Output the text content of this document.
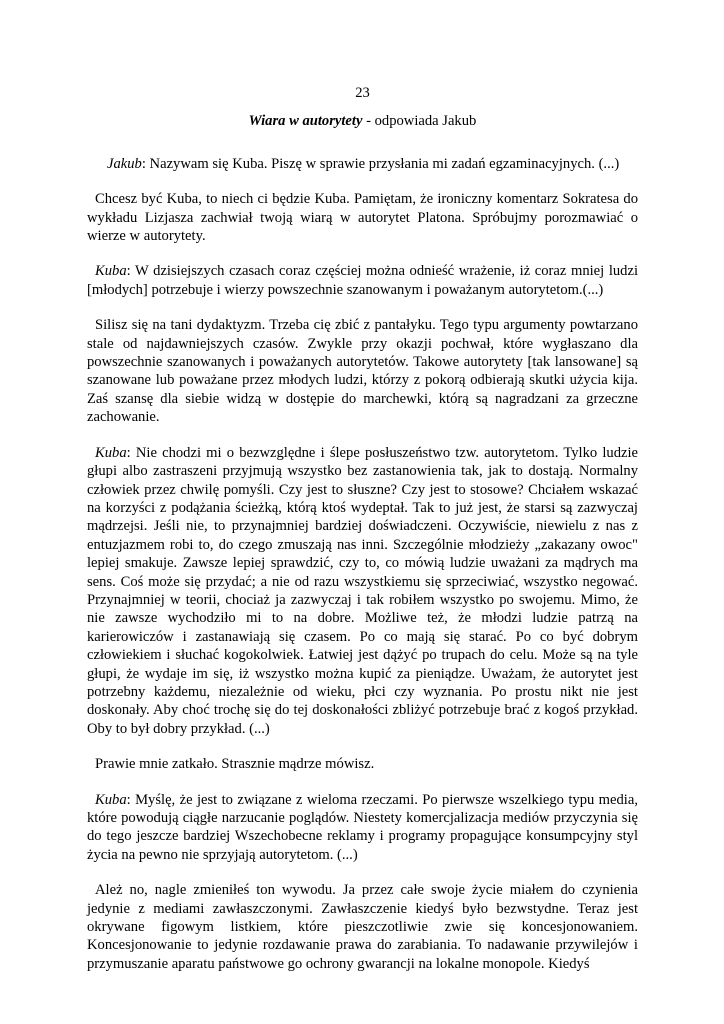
23
Wiara w autorytety - odpowiada Jakub

Jakub: Nazywam się Kuba. Piszę w sprawie przysłania mi zadań egzaminacyjnych. (...)

Chcesz być Kuba, to niech ci będzie Kuba. Pamiętam, że ironiczny komentarz Sokratesa do wykładu Lizjasza zachwiał twoją wiarą w autorytet Platona. Spróbujmy porozmawiać o wierze w autorytety.

Kuba: W dzisiejszych czasach coraz częściej można odnieść wrażenie, iż coraz mniej ludzi [młodych] potrzebuje i wierzy powszechnie szanowanym i poważanym autorytetom.(...)

Silisz się na tani dydaktyzm. Trzeba cię zbić z pantałyku. Tego typu argumenty powtarzano stale od najdawniejszych czasów. Zwykle przy okazji pochwał, które wygłaszano dla powszechnie szanowanych i poważanych autorytetów. Takowe autorytety [tak lansowane] są szanowane lub poważane przez młodych ludzi, którzy z pokorą odbierają skutki użycia kija. Zaś szansę dla siebie widzą w dostępie do marchewki, którą są nagradzani za grzeczne zachowanie.

Kuba: Nie chodzi mi o bezwzględne i ślepe posłuszeństwo tzw. autorytetom. Tylko ludzie głupi albo zastraszeni przyjmują wszystko bez zastanowienia tak, jak to dostają. Normalny człowiek przez chwilę pomyśli. Czy jest to słuszne? Czy jest to stosowe? Chciałem wskazać na korzyści z podążania ścieżką, którą ktoś wydeptał. Tak to już jest, że starsi są zazwyczaj mądrzejsi. Jeśli nie, to przynajmniej bardziej doświadczeni. Oczywiście, niewielu z nas z entuzjazmem robi to, do czego zmuszają nas inni. Szczególnie młodzieży „zakazany owoc" lepiej smakuje. Zawsze lepiej sprawdzić, czy to, co mówią ludzie uważani za mądrych ma sens. Coś może się przydać; a nie od razu wszystkiemu się sprzeciwiać, wszystko negować. Przynajmniej w teorii, chociaż ja zazwyczaj i tak robiłem wszystko po swojemu. Mimo, że nie zawsze wychodziło mi to na dobre. Możliwe też, że młodzi ludzie patrzą na karierowiczów i zastanawiają się czasem. Po co mają się starać. Po co być dobrym człowiekiem i słuchać kogokolwiek. Łatwiej jest dążyć po trupach do celu. Może są na tyle głupi, że wydaje im się, iż wszystko można kupić za pieniądze. Uważam, że autorytet jest potrzebny każdemu, niezależnie od wieku, płci czy wyznania. Po prostu nikt nie jest doskonały. Aby choć trochę się do tej doskonałości zbliżyć potrzebuje brać z kogoś przykład. Oby to był dobry przykład. (...)

Prawie mnie zatkało. Strasznie mądrze mówisz.

Kuba: Myślę, że jest to związane z wieloma rzeczami. Po pierwsze wszelkiego typu media, które powodują ciągłe narzucanie poglądów. Niestety komercjalizacja mediów przyczynia się do tego jeszcze bardziej Wszechobecne reklamy i programy propagujące konsumpcyjny styl życia na pewno nie sprzyjają autorytetom. (...)

Ależ no, nagle zmieniłeś ton wywodu. Ja przez całe swoje życie miałem do czynienia jedynie z mediami zawłaszczonymi. Zawłaszczenie kiedyś było bezwstydne. Teraz jest okrywane figowym listkiem, które pieszczotliwie zwie się koncesjonowaniem. Koncesjonowanie to jedynie rozdawanie prawa do zarabiania. To nadawanie przywilejów i przymuszanie aparatu państwowe go ochrony gwarancji na lokalne monopole. Kiedyś
